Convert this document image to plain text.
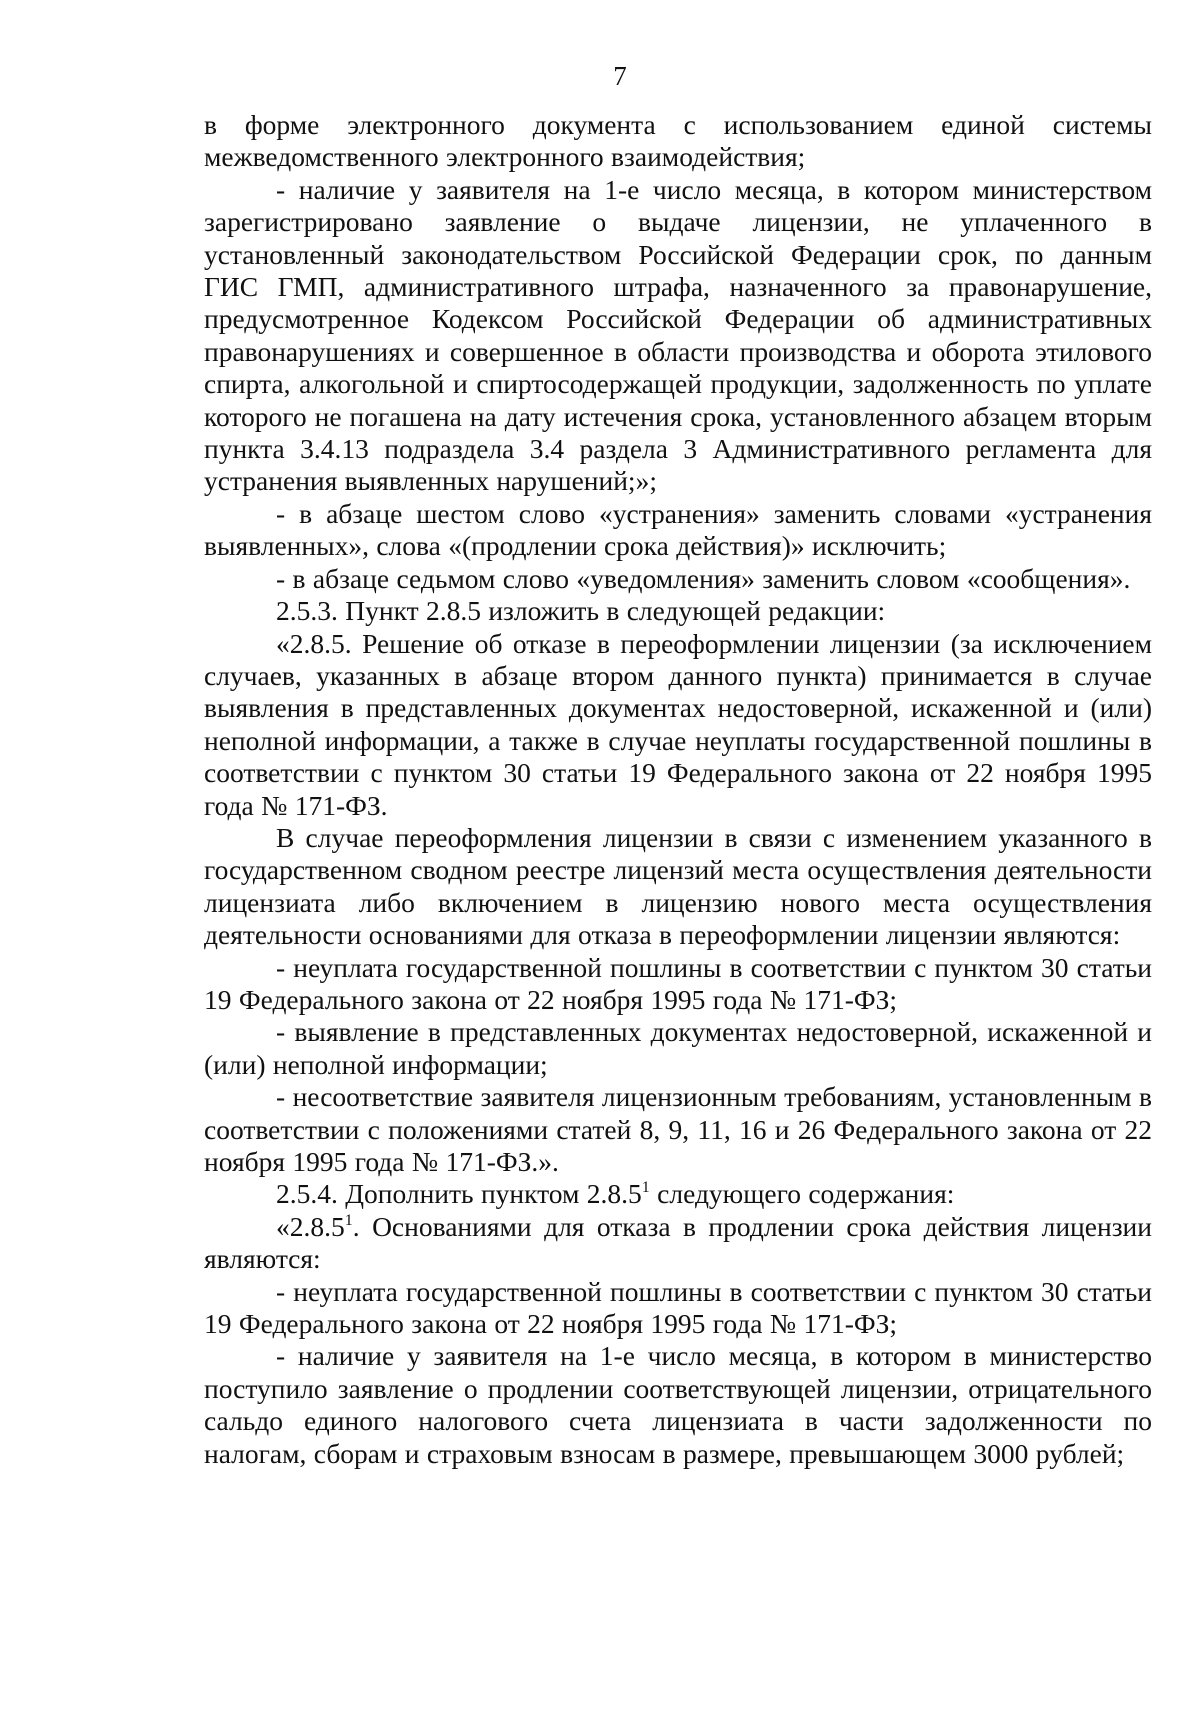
7

в форме электронного документа с использованием единой системы межведомственного электронного взаимодействия;

- наличие у заявителя на 1-е число месяца, в котором министерством зарегистрировано заявление о выдаче лицензии, не уплаченного в установленный законодательством Российской Федерации срок, по данным ГИС ГМП, административного штрафа, назначенного за правонарушение, предусмотренное Кодексом Российской Федерации об административных правонарушениях и совершенное в области производства и оборота этилового спирта, алкогольной и спиртосодержащей продукции, задолженность по уплате которого не погашена на дату истечения срока, установленного абзацем вторым пункта 3.4.13 подраздела 3.4 раздела 3 Административного регламента для устранения выявленных нарушений;»;

- в абзаце шестом слово «устранения» заменить словами «устранения выявленных», слова «(продлении срока действия)» исключить;

- в абзаце седьмом слово «уведомления» заменить словом «сообщения».

2.5.3. Пункт 2.8.5 изложить в следующей редакции:

«2.8.5. Решение об отказе в переоформлении лицензии (за исключением случаев, указанных в абзаце втором данного пункта) принимается в случае выявления в представленных документах недостоверной, искаженной и (или) неполной информации, а также в случае неуплаты государственной пошлины в соответствии с пунктом 30 статьи 19 Федерального закона от 22 ноября 1995 года № 171-ФЗ.

В случае переоформления лицензии в связи с изменением указанного в государственном сводном реестре лицензий места осуществления деятельности лицензиата либо включением в лицензию нового места осуществления деятельности основаниями для отказа в переоформлении лицензии являются:

- неуплата государственной пошлины в соответствии с пунктом 30 статьи 19 Федерального закона от 22 ноября 1995 года № 171-ФЗ;

- выявление в представленных документах недостоверной, искаженной и (или) неполной информации;

- несоответствие заявителя лицензионным требованиям, установленным в соответствии с положениями статей 8, 9, 11, 16 и 26 Федерального закона от 22 ноября 1995 года № 171-ФЗ.».

2.5.4. Дополнить пунктом 2.8.5$^1$ следующего содержания:

«2.8.5$^1$. Основаниями для отказа в продлении срока действия лицензии являются:

- неуплата государственной пошлины в соответствии с пунктом 30 статьи 19 Федерального закона от 22 ноября 1995 года № 171-ФЗ;

- наличие у заявителя на 1-е число месяца, в котором в министерство поступило заявление о продлении соответствующей лицензии, отрицательного сальдо единого налогового счета лицензиата в части задолженности по налогам, сборам и страховым взносам в размере, превышающем 3000 рублей;
